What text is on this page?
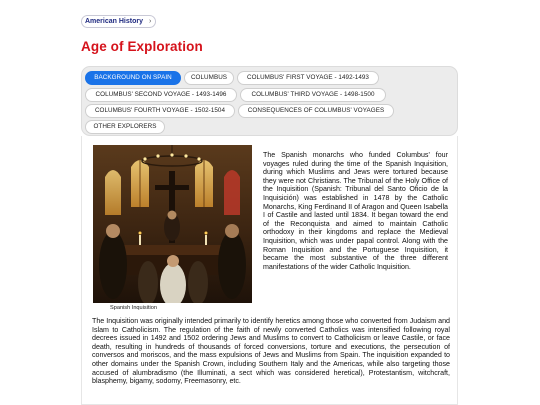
American History ›
Age of Exploration
BACKGROUND ON SPAIN	COLUMBUS	COLUMBUS' FIRST VOYAGE - 1492-1493
COLUMBUS' SECOND VOYAGE - 1493-1496	COLUMBUS' THIRD VOYAGE - 1498-1500
COLUMBUS' FOURTH VOYAGE - 1502-1504	CONSEQUENCES OF COLUMBUS' VOYAGES
OTHER EXPLORERS
Spanish Inquisition

The Spanish monarchs who funded Columbus' four voyages ruled during the time of the Spanish Inquisition, during which Muslims and Jews were tortured because they were not Christians. The Tribunal of the Holy Office of the Inquisition (Spanish: Tribunal del Santo Oficio de la Inquisición) was established in 1478 by the Catholic Monarchs, King Ferdinand II of Aragon and Queen Isabella I of Castile and lasted until 1834. It began toward the end of the Reconquista and aimed to maintain Catholic orthodoxy in their kingdoms and replace the Medieval Inquisition, which was under papal control. Along with the Roman Inquisition and the Portuguese Inquisition, it became the most substantive of the three different manifestations of the wider Catholic Inquisition.

The Inquisition was originally intended primarily to identify heretics among those who converted from Judaism and Islam to Catholicism. The regulation of the faith of newly converted Catholics was intensified following royal decrees issued in 1492 and 1502 ordering Jews and Muslims to convert to Catholicism or leave Castile, or face death, resulting in hundreds of thousands of forced conversions, torture and executions, the persecution of conversos and moriscos, and the mass expulsions of Jews and Muslims from Spain. The inquisition expanded to other domains under the Spanish Crown, including Southern Italy and the Americas, while also targeting those accused of alumbradismo (the Illuminati, a sect which was considered heretical), Protestantism, witchcraft, blasphemy, bigamy, sodomy, Freemasonry, etc.
